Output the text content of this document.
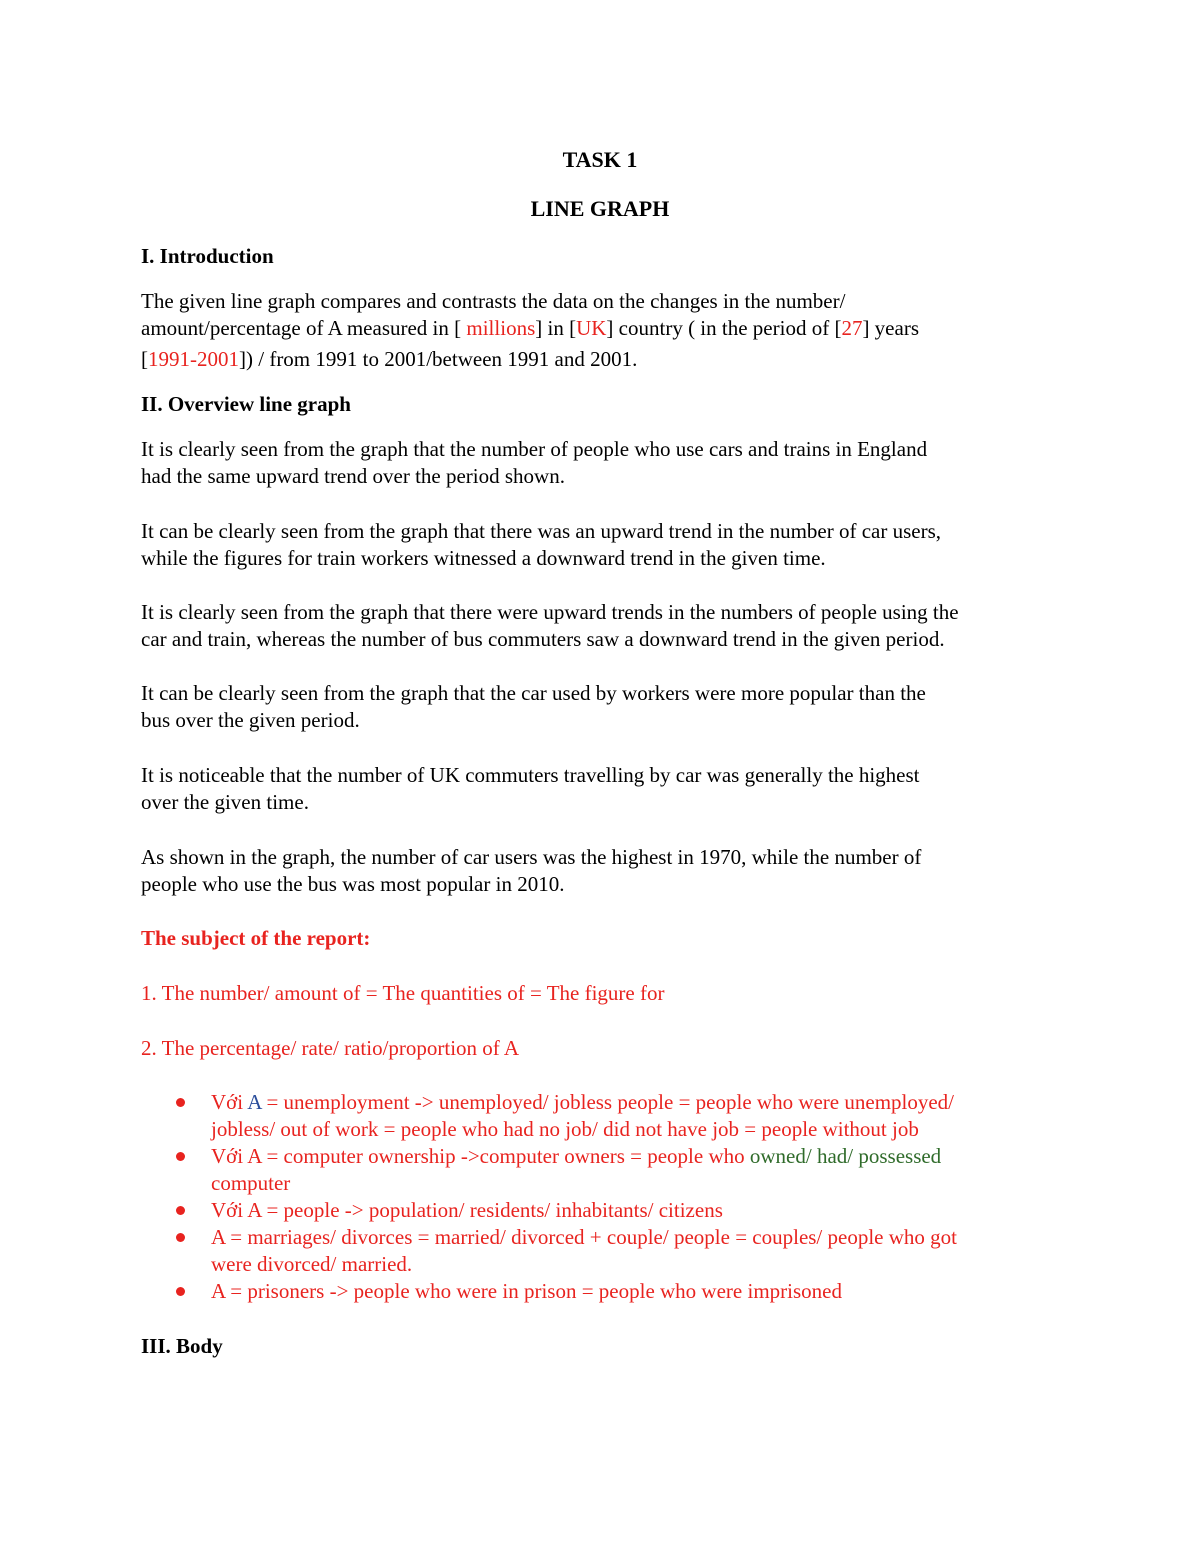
TASK 1
LINE GRAPH

I. Introduction

The given line graph compares and contrasts the data on the changes in the number/

amount/percentage of A measured in [ millions] in [UK] country ( in the period of [27] years

[1991-2001]) / from 1991 to 2001/between 1991 and 2001.

II. Overview line graph

It is clearly seen from the graph that the number of people who use cars and trains in England

had the same upward trend over the period shown.

It can be clearly seen from the graph that there was an upward trend in the number of car users,

while the figures for train workers witnessed a downward trend in the given time.

It is clearly seen from the graph that there were upward trends in the numbers of people using the

car and train, whereas the number of bus commuters saw a downward trend in the given period.

It can be clearly seen from the graph that the car used by workers were more popular than the

bus over the given period.

It is noticeable that the number of UK commuters travelling by car was generally the highest

over the given time.

As shown in the graph, the number of car users was the highest in 1970, while the number of

people who use the bus was most popular in 2010.

The subject of the report:

1. The number/ amount of = The quantities of = The figure for

2. The percentage/ rate/ ratio/proportion of A

Với A = unemployment -> unemployed/ jobless people = people who were unemployed/
jobless/ out of work = people who had no job/ did not have job = people without job
Với A = computer ownership ->computer owners = people who owned/ had/ possessed
computer
Với A = people -> population/ residents/ inhabitants/ citizens
A = marriages/ divorces = married/ divorced + couple/ people = couples/ people who got
were divorced/ married.
A = prisoners -> people who were in prison = people who were imprisoned

III. Body
